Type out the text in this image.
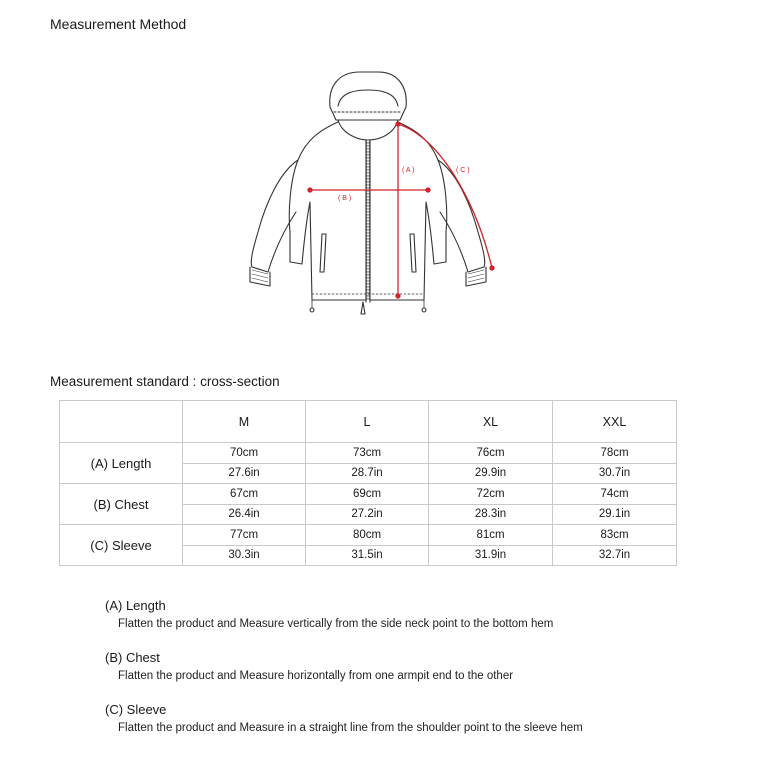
Measurement Method
( A )
( B )
( C )
Measurement standard : cross-section
	M	L	XL	XXL
(A) Length	70cm	73cm	76cm	78cm
	27.6in	28.7in	29.9in	30.7in
(B) Chest	67cm	69cm	72cm	74cm
	26.4in	27.2in	28.3in	29.1in
(C) Sleeve	77cm	80cm	81cm	83cm
	30.3in	31.5in	31.9in	32.7in
(A) Length
Flatten the product and Measure vertically from the side neck point to the bottom hem
(B) Chest
Flatten the product and Measure horizontally from one armpit end to the other
(C) Sleeve
Flatten the product and Measure in a straight line from the shoulder point to the sleeve hem
